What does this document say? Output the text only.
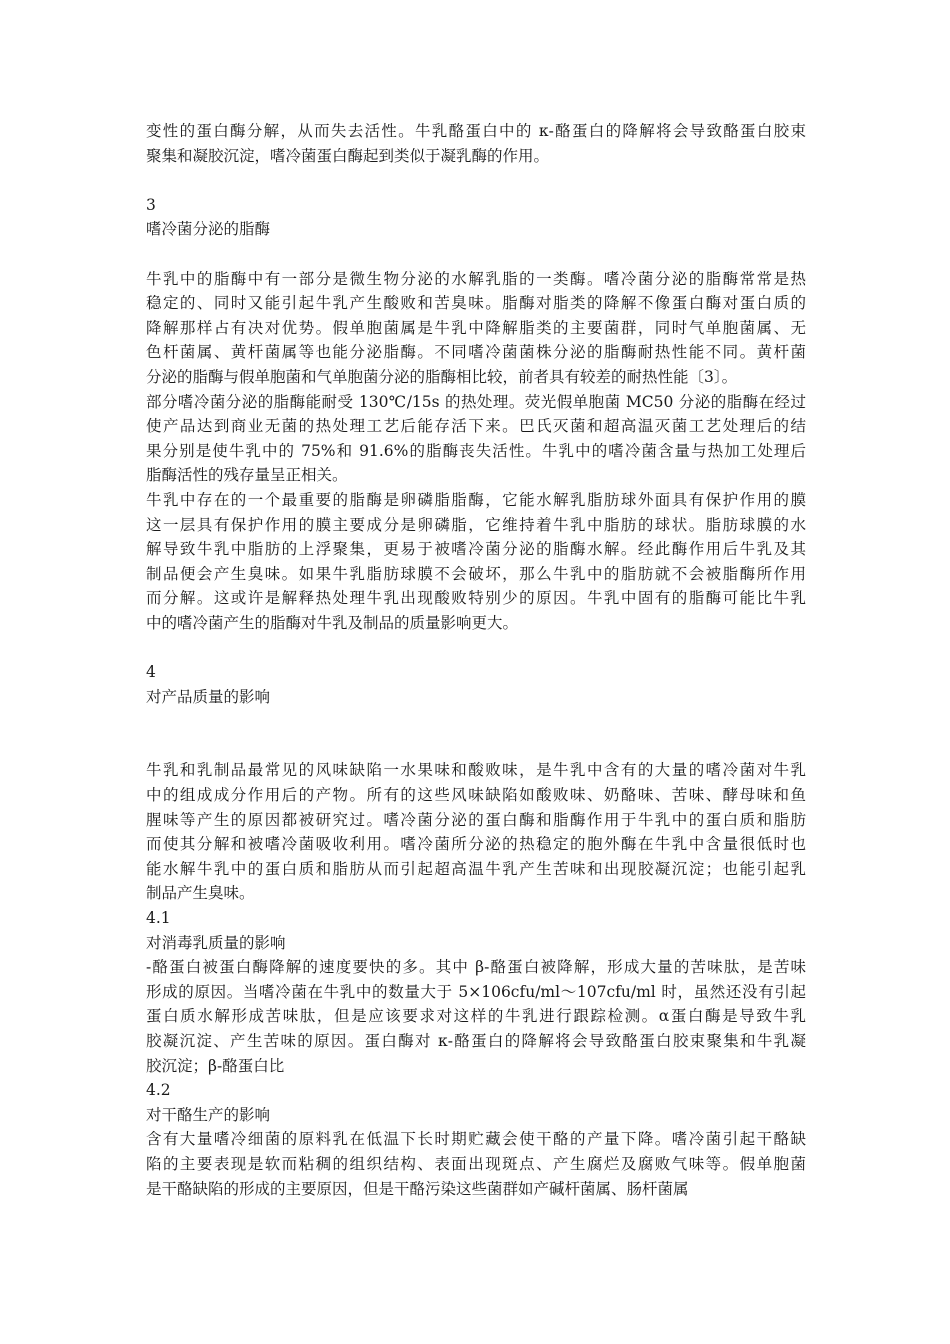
变性的蛋白酶分解，从而失去活性。牛乳酪蛋白中的 κ-酪蛋白的降解将会导致酪蛋白胶束
聚集和凝胶沉淀，嗜冷菌蛋白酶起到类似于凝乳酶的作用。
3
嗜冷菌分泌的脂酶
牛乳中的脂酶中有一部分是微生物分泌的水解乳脂的一类酶。嗜冷菌分泌的脂酶常常是热
稳定的、同时又能引起牛乳产生酸败和苦臭味。脂酶对脂类的降解不像蛋白酶对蛋白质的
降解那样占有决对优势。假单胞菌属是牛乳中降解脂类的主要菌群，同时气单胞菌属、无
色杆菌属、黄杆菌属等也能分泌脂酶。不同嗜冷菌菌株分泌的脂酶耐热性能不同。黄杆菌
分泌的脂酶与假单胞菌和气单胞菌分泌的脂酶相比较，前者具有较差的耐热性能〔3〕。
部分嗜冷菌分泌的脂酶能耐受 130℃/15s 的热处理。荧光假单胞菌 MC50 分泌的脂酶在经过
使产品达到商业无菌的热处理工艺后能存活下来。巴氏灭菌和超高温灭菌工艺处理后的结
果分别是使牛乳中的 75%和 91.6%的脂酶丧失活性。牛乳中的嗜冷菌含量与热加工处理后
脂酶活性的残存量呈正相关。
牛乳中存在的一个最重要的脂酶是卵磷脂脂酶，它能水解乳脂肪球外面具有保护作用的膜
这一层具有保护作用的膜主要成分是卵磷脂，它维持着牛乳中脂肪的球状。脂肪球膜的水
解导致牛乳中脂肪的上浮聚集，更易于被嗜冷菌分泌的脂酶水解。经此酶作用后牛乳及其
制品便会产生臭味。如果牛乳脂肪球膜不会破坏，那么牛乳中的脂肪就不会被脂酶所作用
而分解。这或许是解释热处理牛乳出现酸败特别少的原因。牛乳中固有的脂酶可能比牛乳
中的嗜冷菌产生的脂酶对牛乳及制品的质量影响更大。
4
对产品质量的影响
牛乳和乳制品最常见的风味缺陷一水果味和酸败味，是牛乳中含有的大量的嗜冷菌对牛乳
中的组成成分作用后的产物。所有的这些风味缺陷如酸败味、奶酪味、苦味、酵母味和鱼
腥味等产生的原因都被研究过。嗜冷菌分泌的蛋白酶和脂酶作用于牛乳中的蛋白质和脂肪
而使其分解和被嗜冷菌吸收利用。嗜冷菌所分泌的热稳定的胞外酶在牛乳中含量很低时也
能水解牛乳中的蛋白质和脂肪从而引起超高温牛乳产生苦味和出现胶凝沉淀；也能引起乳
制品产生臭味。
4.1
对消毒乳质量的影响
-酪蛋白被蛋白酶降解的速度要快的多。其中 β-酪蛋白被降解，形成大量的苦味肽，是苦味
形成的原因。当嗜冷菌在牛乳中的数量大于 5×106cfu/ml～107cfu/ml 时，虽然还没有引起
蛋白质水解形成苦味肽，但是应该要求对这样的牛乳进行跟踪检测。α蛋白酶是导致牛乳
胶凝沉淀、产生苦味的原因。蛋白酶对 κ-酪蛋白的降解将会导致酪蛋白胶束聚集和牛乳凝
胶沉淀；β-酪蛋白比
4.2
对干酪生产的影响
含有大量嗜冷细菌的原料乳在低温下长时期贮藏会使干酪的产量下降。嗜冷菌引起干酪缺
陷的主要表现是软而粘稠的组织结构、表面出现斑点、产生腐烂及腐败气味等。假单胞菌
是干酪缺陷的形成的主要原因，但是干酪污染这些菌群如产碱杆菌属、肠杆菌属
